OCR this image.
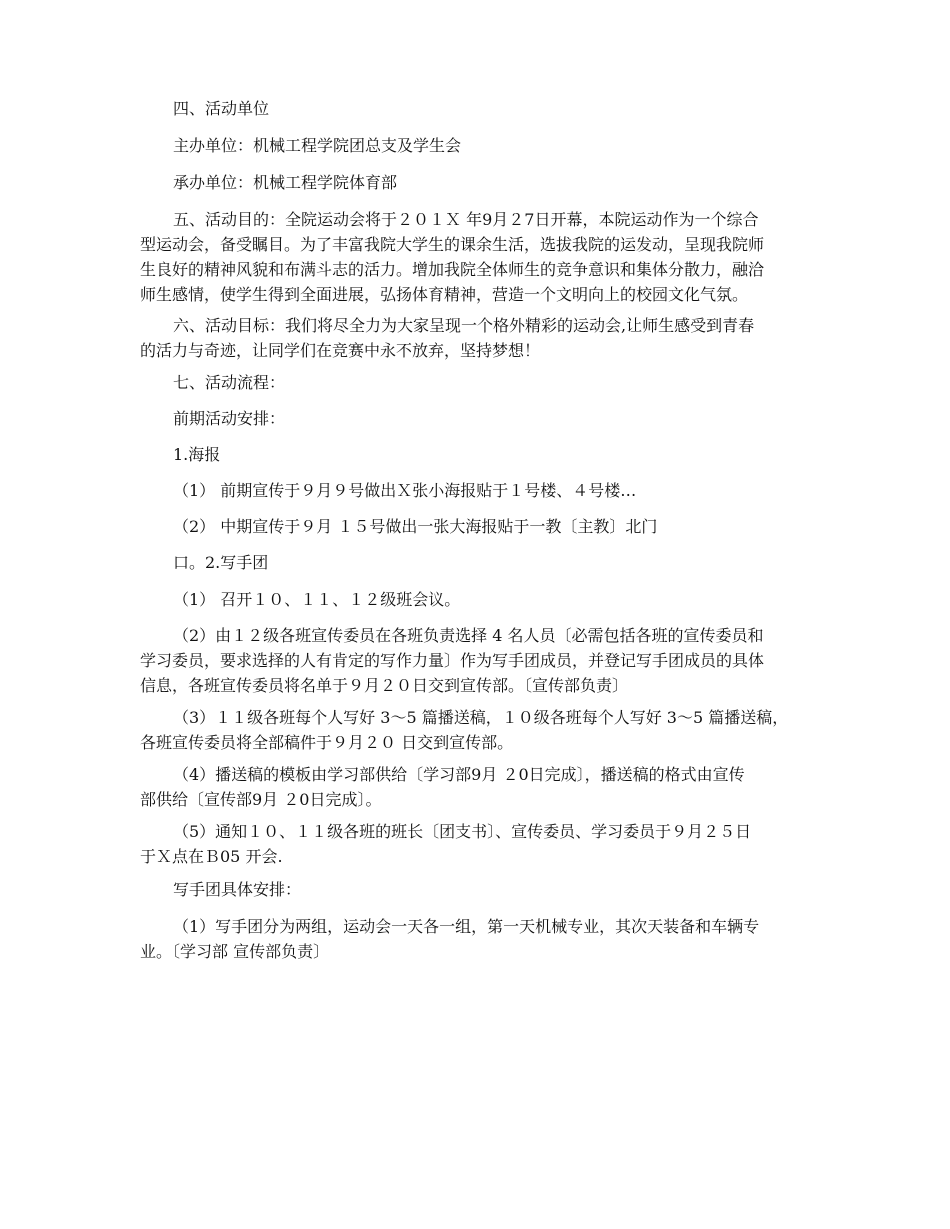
四、活动单位

主办单位：机械工程学院团总支及学生会

承办单位：机械工程学院体育部

五、活动目的：全院运动会将于２０１Ｘ 年9月２7日开幕，本院运动作为一个综合
型运动会，备受瞩目。为了丰富我院大学生的课余生活，选拔我院的运发动，呈现我院师
生良好的精神风貌和布满斗志的活力。增加我院全体师生的竞争意识和集体分散力，融洽
师生感情，使学生得到全面进展，弘扬体育精神，营造一个文明向上的校园文化气氛。

六、活动目标：我们将尽全力为大家呈现一个格外精彩的运动会,让师生感受到青春
的活力与奇迹，让同学们在竞赛中永不放弃，坚持梦想！

七、活动流程：

前期活动安排：

1.海报

（1） 前期宣传于９月９号做出Ｘ张小海报贴于１号楼、４号楼…

（2） 中期宣传于９月 １５号做出一张大海报贴于一教〔主教〕北门

口。2.写手团

（1） 召开１０、１１、１２级班会议。

（2）由１２级各班宣传委员在各班负责选择 4 名人员〔必需包括各班的宣传委员和
学习委员，要求选择的人有肯定的写作力量〕作为写手团成员，并登记写手团成员的具体
信息，各班宣传委员将名单于９月２０日交到宣传部。〔宣传部负责〕

（3）１１级各班每个人写好 3～5 篇播送稿，１０级各班每个人写好 3～5 篇播送稿，
各班宣传委员将全部稿件于９月２０ 日交到宣传部。

（4）播送稿的模板由学习部供给〔学习部9月 ２0日完成〕，播送稿的格式由宣传
部供给〔宣传部9月 ２0日完成〕。

（5）通知１０、１１级各班的班长〔团支书〕、宣传委员、学习委员于９月２５日
于Ｘ点在Ｂ05 开会.

写手团具体安排：

（1）写手团分为两组，运动会一天各一组，第一天机械专业，其次天装备和车辆专
业。〔学习部 宣传部负责〕
